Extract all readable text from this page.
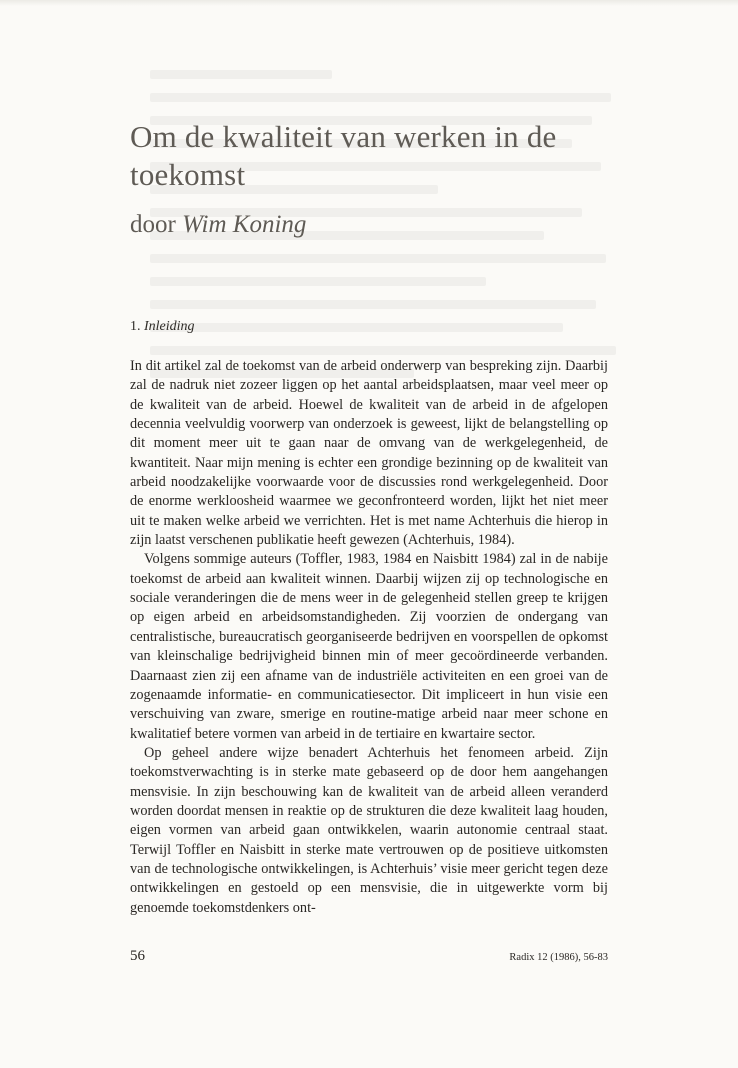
Om de kwaliteit van werken in de toekomst
door Wim Koning
1. Inleiding

In dit artikel zal de toekomst van de arbeid onderwerp van bespreking zijn. Daarbij zal de nadruk niet zozeer liggen op het aantal arbeidsplaatsen, maar veel meer op de kwaliteit van de arbeid. Hoewel de kwaliteit van de arbeid in de afgelopen decennia veelvuldig voorwerp van onderzoek is geweest, lijkt de belangstelling op dit moment meer uit te gaan naar de omvang van de werkgelegenheid, de kwantiteit. Naar mijn mening is echter een grondige bezinning op de kwaliteit van arbeid noodzakelijke voorwaarde voor de discussies rond werkgelegenheid. Door de enorme werkloosheid waarmee we geconfronteerd worden, lijkt het niet meer uit te maken welke arbeid we verrichten. Het is met name Achterhuis die hierop in zijn laatst verschenen publikatie heeft gewezen (Achterhuis, 1984).

Volgens sommige auteurs (Toffler, 1983, 1984 en Naisbitt 1984) zal in de nabije toekomst de arbeid aan kwaliteit winnen. Daarbij wijzen zij op technologische en sociale veranderingen die de mens weer in de gelegenheid stellen greep te krijgen op eigen arbeid en arbeidsomstandigheden. Zij voorzien de ondergang van centralistische, bureaucratisch georganiseerde bedrijven en voorspellen de opkomst van kleinschalige bedrijvigheid binnen min of meer gecoördineerde verbanden. Daarnaast zien zij een afname van de industriële activiteiten en een groei van de zogenaamde informatie- en communicatiesector. Dit impliceert in hun visie een verschuiving van zware, smerige en routine-matige arbeid naar meer schone en kwalitatief betere vormen van arbeid in de tertiaire en kwartaire sector.

Op geheel andere wijze benadert Achterhuis het fenomeen arbeid. Zijn toekomstverwachting is in sterke mate gebaseerd op de door hem aangehangen mensvisie. In zijn beschouwing kan de kwaliteit van de arbeid alleen veranderd worden doordat mensen in reaktie op de strukturen die deze kwaliteit laag houden, eigen vormen van arbeid gaan ontwikkelen, waarin autonomie centraal staat. Terwijl Toffler en Naisbitt in sterke mate vertrouwen op de positieve uitkomsten van de technologische ontwikkelingen, is Achterhuis’ visie meer gericht tegen deze ontwikkelingen en gestoeld op een mensvisie, die in uitgewerkte vorm bij genoemde toekomstdenkers ont-

56	Radix 12 (1986), 56-83
